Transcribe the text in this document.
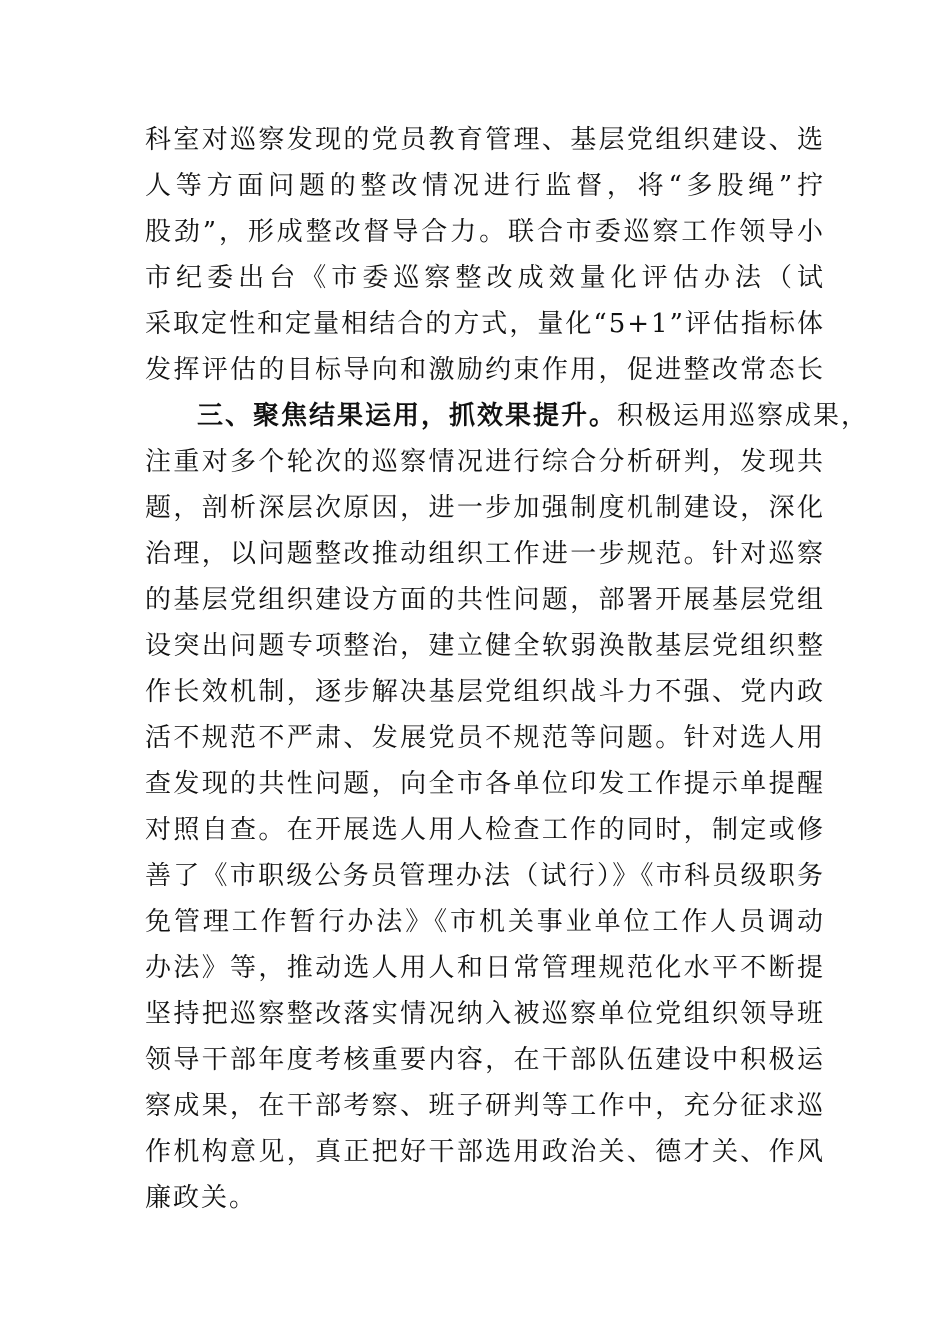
科室对巡察发现的党员教育管理、基层党组织建设、选
人等方面问题的整改情况进行监督，将“多股绳”拧
股劲”，形成整改督导合力。联合市委巡察工作领导小
市纪委出台《市委巡察整改成效量化评估办法（试
采取定性和定量相结合的方式，量化“5+1”评估指标体
发挥评估的目标导向和激励约束作用，促进整改常态长
三、聚焦结果运用，抓效果提升。积极运用巡察成果，
注重对多个轮次的巡察情况进行综合分析研判，发现共
题，剖析深层次原因，进一步加强制度机制建设，深化
治理，以问题整改推动组织工作进一步规范。针对巡察
的基层党组织建设方面的共性问题，部署开展基层党组
设突出问题专项整治，建立健全软弱涣散基层党组织整
作长效机制，逐步解决基层党组织战斗力不强、党内政
活不规范不严肃、发展党员不规范等问题。针对选人用
查发现的共性问题，向全市各单位印发工作提示单提醒
对照自查。在开展选人用人检查工作的同时，制定或修
善了《市职级公务员管理办法（试行）》《市科员级职务
免管理工作暂行办法》《市机关事业单位工作人员调动
办法》等，推动选人用人和日常管理规范化水平不断提
坚持把巡察整改落实情况纳入被巡察单位党组织领导班
领导干部年度考核重要内容，在干部队伍建设中积极运
察成果，在干部考察、班子研判等工作中，充分征求巡
作机构意见，真正把好干部选用政治关、德才关、作风
廉政关。
